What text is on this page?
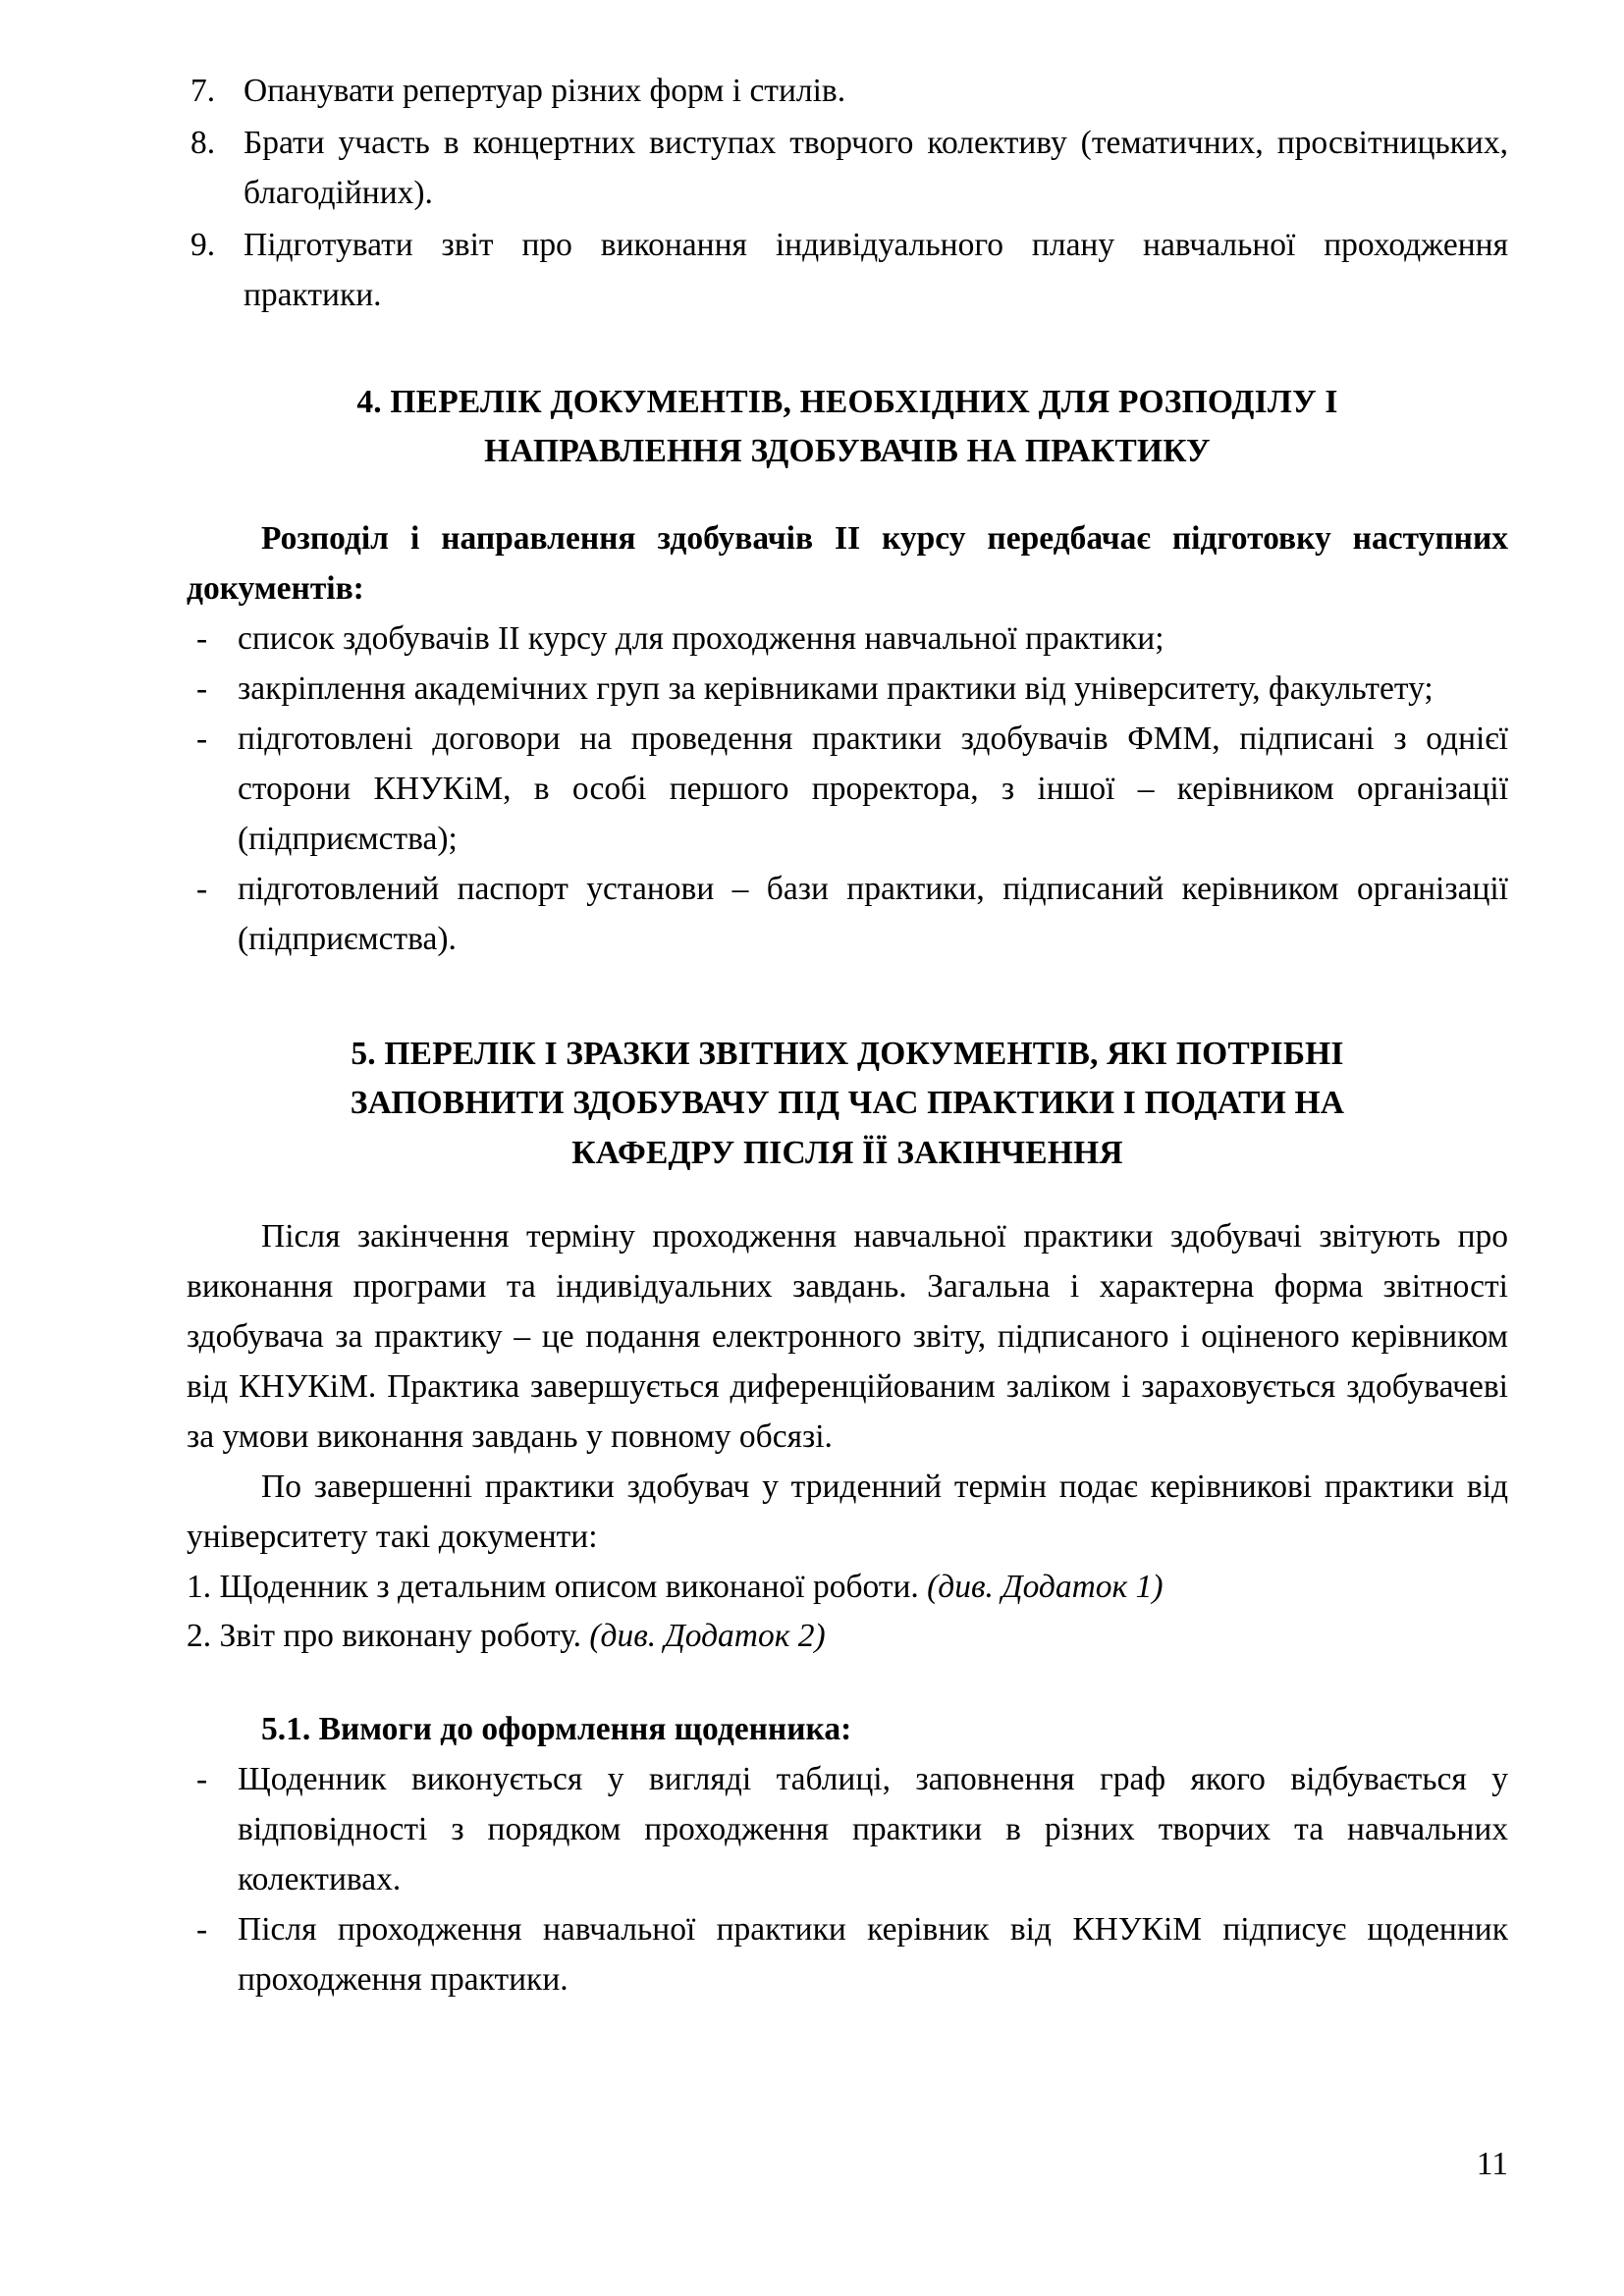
7. Опанувати репертуар різних форм і стилів.
8. Брати участь в концертних виступах творчого колективу (тематичних, просвітницьких, благодійних).
9. Підготувати звіт про виконання індивідуального плану навчальної проходження практики.
4. ПЕРЕЛІК ДОКУМЕНТІВ, НЕОБХІДНИХ ДЛЯ РОЗПОДІЛУ І
НАПРАВЛЕННЯ ЗДОБУВАЧІВ НА ПРАКТИКУ

Розподіл і направлення здобувачів ІІ курсу передбачає підготовку наступних документів:

- список здобувачів ІІ курсу для проходження навчальної практики;
- закріплення академічних груп за керівниками практики від університету, факультету;
- підготовлені договори на проведення практики здобувачів ФММ, підписані з однієї сторони КНУКіМ, в особі першого проректора, з іншої – керівником організації (підприємства);
- підготовлений паспорт установи – бази практики, підписаний керівником організації (підприємства).
5. ПЕРЕЛІК І ЗРАЗКИ ЗВІТНИХ ДОКУМЕНТІВ, ЯКІ ПОТРІБНІ
ЗАПОВНИТИ ЗДОБУВАЧУ ПІД ЧАС ПРАКТИКИ І ПОДАТИ НА
КАФЕДРУ ПІСЛЯ ЇЇ ЗАКІНЧЕННЯ

Після закінчення терміну проходження навчальної практики здобувачі звітують про виконання програми та індивідуальних завдань. Загальна і характерна форма звітності здобувача за практику – це подання електронного звіту, підписаного і оціненого керівником від КНУКіМ. Практика завершується диференційованим заліком і зараховується здобувачеві за умови виконання завдань у повному обсязі.

По завершенні практики здобувач у триденний термін подає керівникові практики від університету такі документи:

1. Щоденник з детальним описом виконаної роботи. (див. Додаток 1)

2. Звіт про виконану роботу. (див. Додаток 2)

5.1. Вимоги до оформлення щоденника:

- Щоденник виконується у вигляді таблиці, заповнення граф якого відбувається у відповідності з порядком проходження практики в різних творчих та навчальних колективах.
- Після проходження навчальної практики керівник від КНУКіМ підписує щоденник проходження практики.
11
